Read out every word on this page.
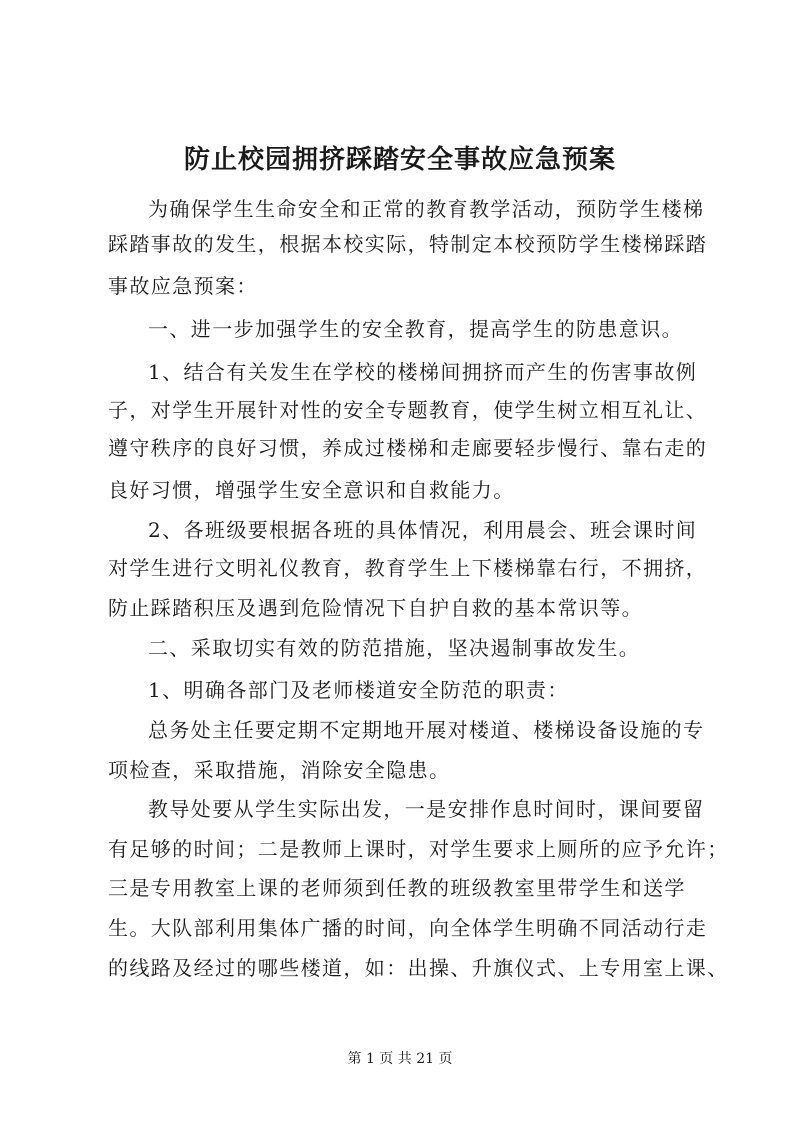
防止校园拥挤踩踏安全事故应急预案
为确保学生生命安全和正常的教育教学活动，预防学生楼梯
踩踏事故的发生，根据本校实际，特制定本校预防学生楼梯踩踏
事故应急预案：
一、进一步加强学生的安全教育，提高学生的防患意识。
1、结合有关发生在学校的楼梯间拥挤而产生的伤害事故例
子，对学生开展针对性的安全专题教育，使学生树立相互礼让、
遵守秩序的良好习惯，养成过楼梯和走廊要轻步慢行、靠右走的
良好习惯，增强学生安全意识和自救能力。
2、各班级要根据各班的具体情况，利用晨会、班会课时间
对学生进行文明礼仪教育，教育学生上下楼梯靠右行，不拥挤，
防止踩踏积压及遇到危险情况下自护自救的基本常识等。
二、采取切实有效的防范措施，坚决遏制事故发生。
1、明确各部门及老师楼道安全防范的职责：
总务处主任要定期不定期地开展对楼道、楼梯设备设施的专
项检查，采取措施，消除安全隐患。
教导处要从学生实际出发，一是安排作息时间时，课间要留
有足够的时间；二是教师上课时，对学生要求上厕所的应予允许；
三是专用教室上课的老师须到任教的班级教室里带学生和送学
生。大队部利用集体广播的时间，向全体学生明确不同活动行走
的线路及经过的哪些楼道，如：出操、升旗仪式、上专用室上课、
第 1 页 共 21 页
